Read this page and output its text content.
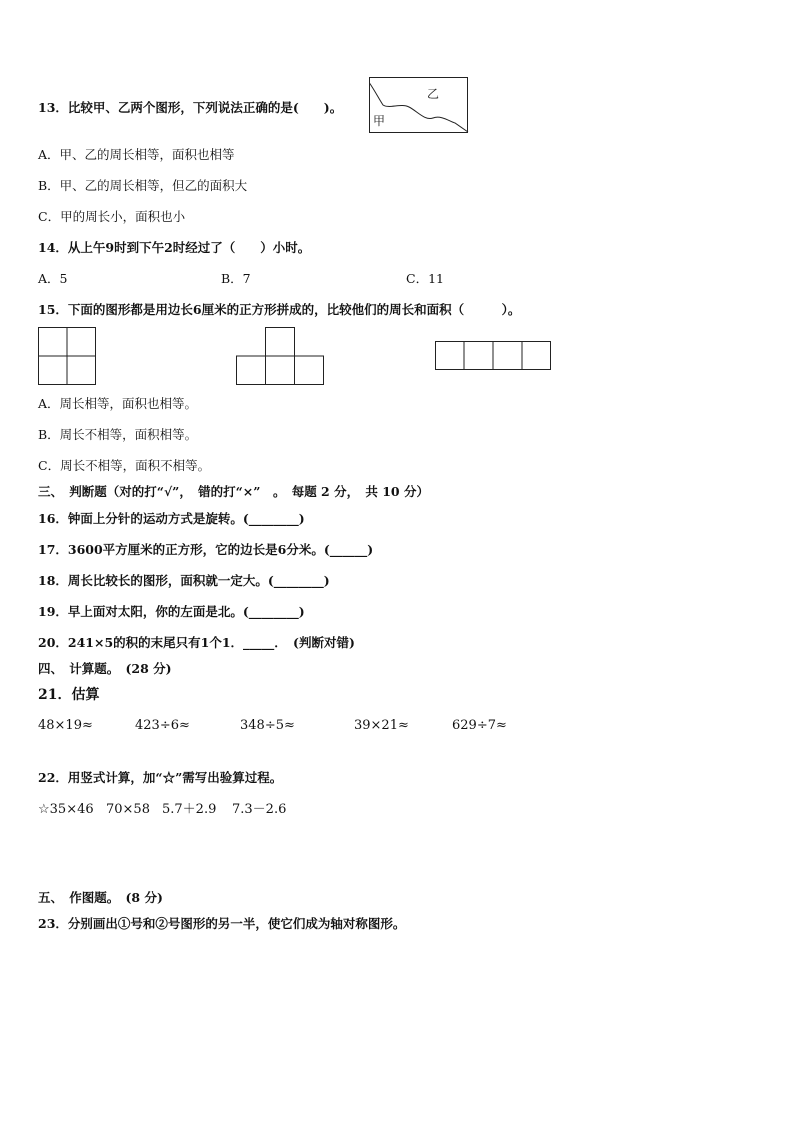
13．比较甲、乙两个图形，下列说法正确的是(　　)。
甲
乙
A．甲、乙的周长相等，面积也相等
B．甲、乙的周长相等，但乙的面积大
C．甲的周长小，面积也小
14．从上午9时到下午2时经过了（　　）小时。
A．5	B．7	C．11
15．下面的图形都是用边长6厘米的正方形拼成的，比较他们的周长和面积（　　　）。
A．周长相等，面积也相等。
B．周长不相等，面积相等。
C．周长不相等，面积不相等。
三、　判断题（对的打“√”，　错的打“×”　。　每题 2 分，　共 10 分）
16．钟面上分针的运动方式是旋转。(________)
17．3600平方厘米的正方形，它的边长是6分米。(______)
18．周长比较长的图形，面积就一定大。(________)
19．早上面对太阳，你的左面是北。(________)
20．241×5的积的末尾只有1个1．_____．　(判断对错)
四、　计算题。　(28 分)
21．估算
48×19≈	423÷6≈	348÷5≈	39×21≈	629÷7≈
22．用竖式计算，加“☆”需写出验算过程。
☆35×46 70×58 5.7＋2.9 7.3－2.6
五、　作图题。　(8 分)
23．分别画出①号和②号图形的另一半，使它们成为轴对称图形。
